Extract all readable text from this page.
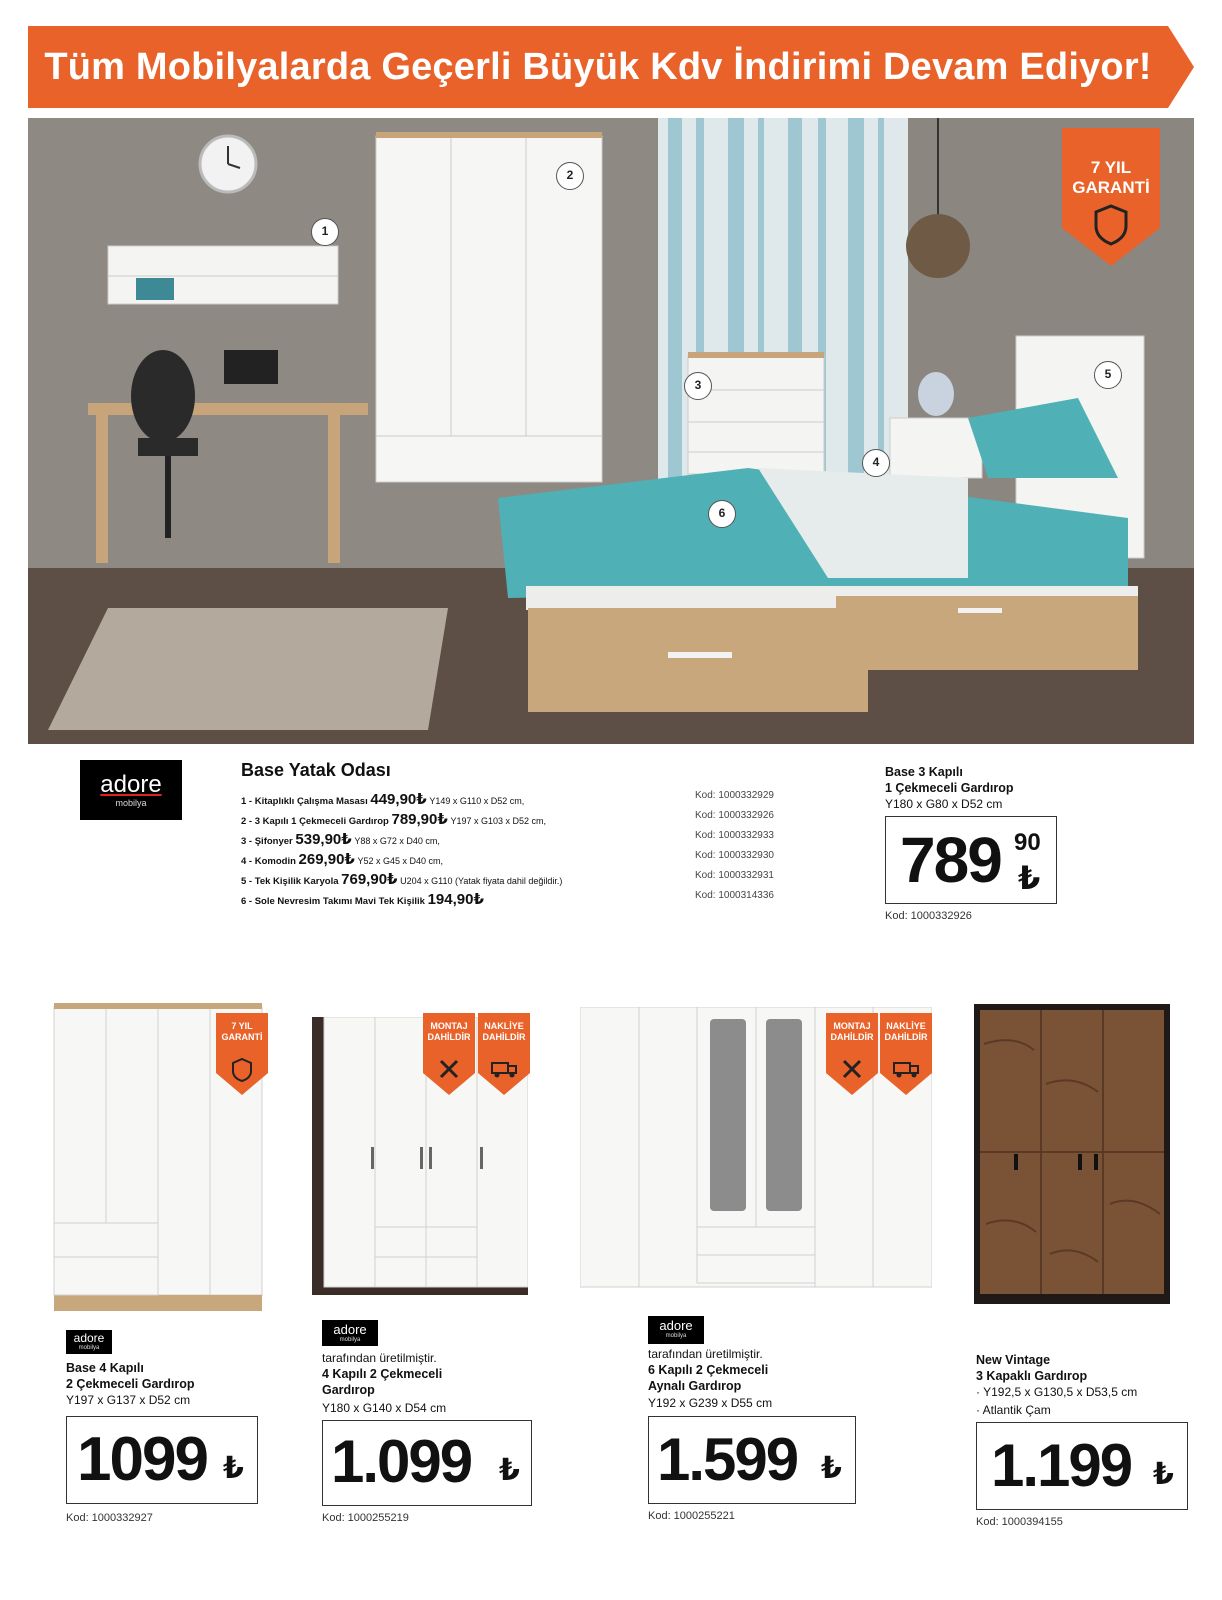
Tüm Mobilyalarda Geçerli Büyük Kdv İndirimi Devam Ediyor!
1
2
3
4
5
6
7 YIL
GARANTİ
adore
mobilya
Base Yatak Odası
1 - Kitaplıklı Çalışma Masası 449,90₺ Y149 x G110 x D52 cm,
2 - 3 Kapılı 1 Çekmeceli Gardırop 789,90₺ Y197 x G103 x D52 cm,
3 - Şifonyer 539,90₺ Y88 x G72 x D40 cm,
4 - Komodin 269,90₺ Y52 x G45 x D40 cm,
5 - Tek Kişilik Karyola 769,90₺ U204 x G110 (Yatak fiyata dahil değildir.)
6 - Sole Nevresim Takımı Mavi Tek Kişilik 194,90₺
Kod: 1000332929
Kod: 1000332926
Kod: 1000332933
Kod: 1000332930
Kod: 1000332931
Kod: 1000314336
Base 3 Kapılı
1 Çekmeceli Gardırop
Y180 x G80 x D52 cm
789 90
₺
Kod: 1000332926
7 YIL GARANTİ
adore
mobilya
Base 4 Kapılı
2 Çekmeceli Gardırop
Y197 x G137 x D52 cm
1099 ₺
Kod: 1000332927
MONTAJ DAHİLDİR
NAKLİYE DAHİLDİR
adore
mobilya
tarafından üretilmiştir.
4 Kapılı 2 Çekmeceli
Gardırop
Y180 x G140 x D54 cm
1.099 ₺
Kod: 1000255219
MONTAJ DAHİLDİR
NAKLİYE DAHİLDİR
adore
mobilya
tarafından üretilmiştir.
6 Kapılı 2 Çekmeceli
Aynalı Gardırop
Y192 x G239 x D55 cm
1.599 ₺
Kod: 1000255221
New Vintage
3 Kapaklı Gardırop
· Y192,5 x G130,5 x D53,5 cm
· Atlantik Çam
1.199 ₺
Kod: 1000394155
